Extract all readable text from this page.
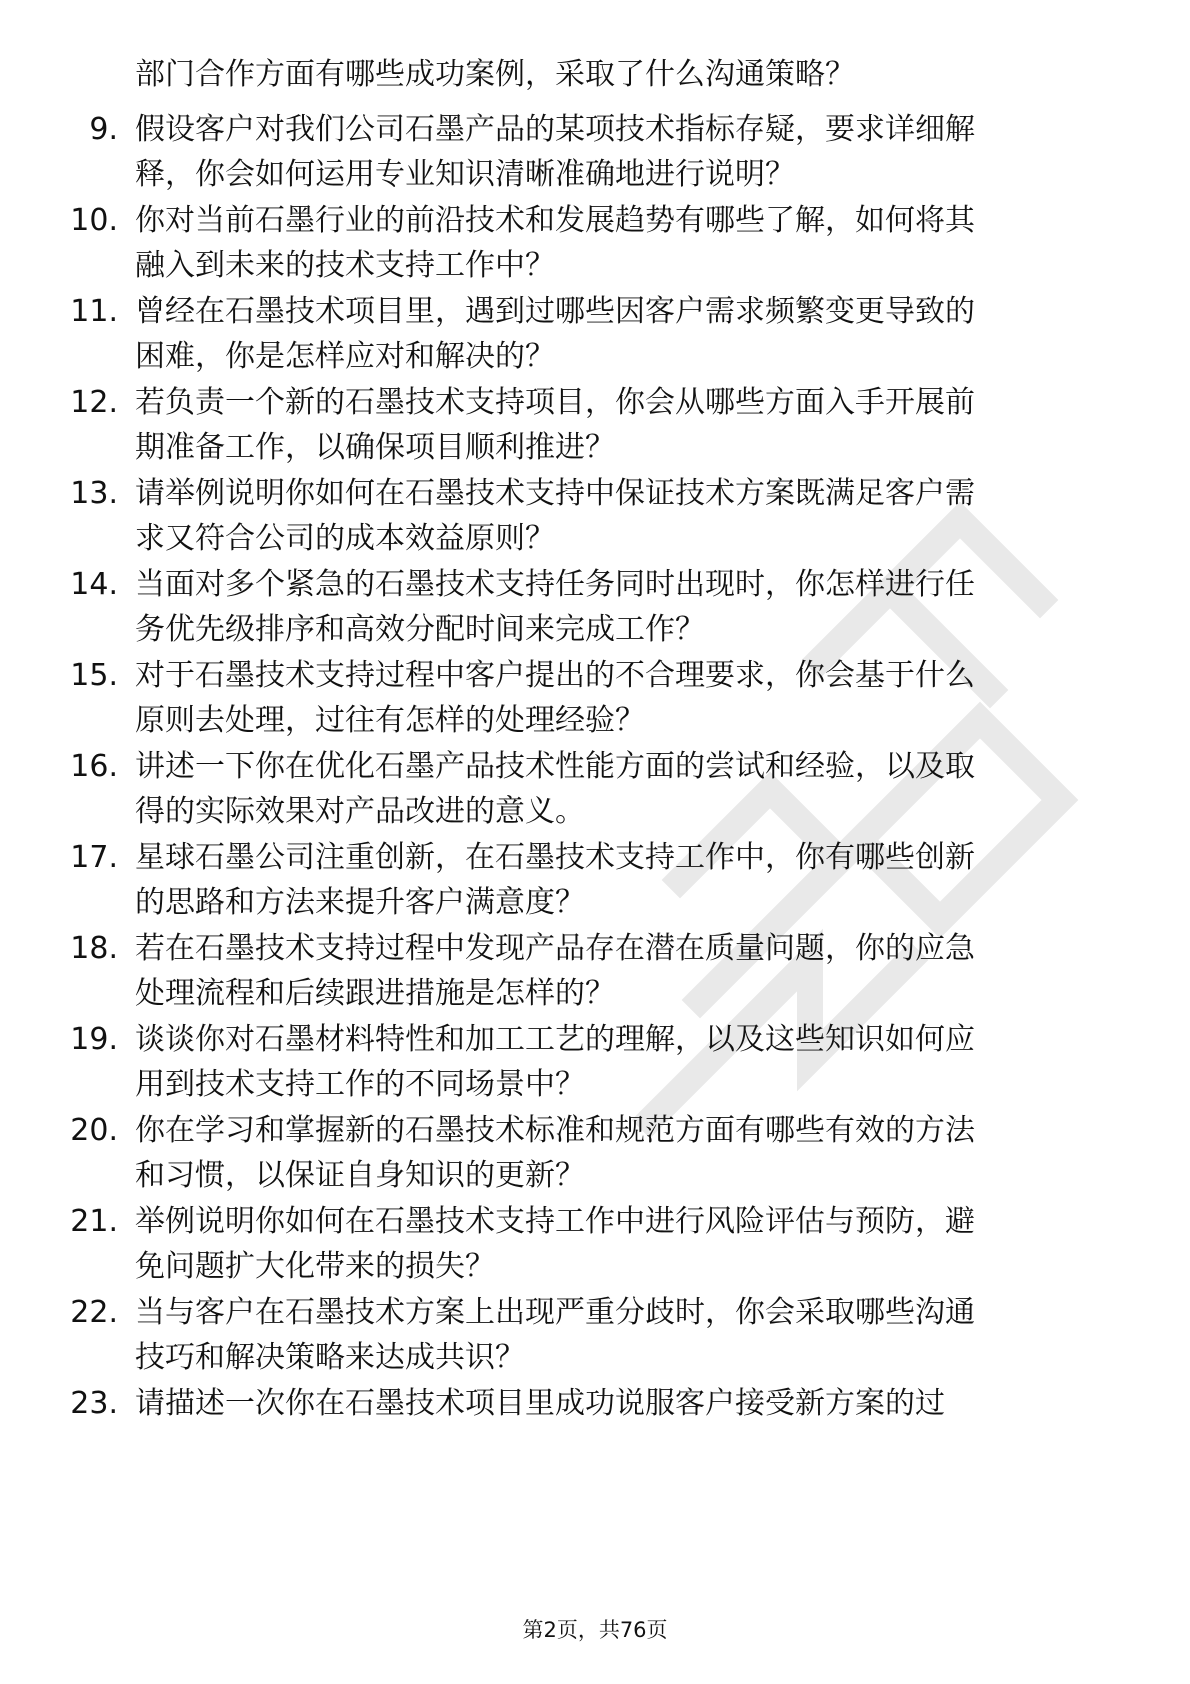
部门合作方面有哪些成功案例，采取了什么沟通策略？
9. 假设客户对我们公司石墨产品的某项技术指标存疑，要求详细解
释，你会如何运用专业知识清晰准确地进行说明？
10. 你对当前石墨行业的前沿技术和发展趋势有哪些了解，如何将其
融入到未来的技术支持工作中？
11. 曾经在石墨技术项目里，遇到过哪些因客户需求频繁变更导致的
困难，你是怎样应对和解决的？
12. 若负责一个新的石墨技术支持项目，你会从哪些方面入手开展前
期准备工作，以确保项目顺利推进？
13. 请举例说明你如何在石墨技术支持中保证技术方案既满足客户需
求又符合公司的成本效益原则？
14. 当面对多个紧急的石墨技术支持任务同时出现时，你怎样进行任
务优先级排序和高效分配时间来完成工作？
15. 对于石墨技术支持过程中客户提出的不合理要求，你会基于什么
原则去处理，过往有怎样的处理经验？
16. 讲述一下你在优化石墨产品技术性能方面的尝试和经验，以及取
得的实际效果对产品改进的意义。
17. 星球石墨公司注重创新，在石墨技术支持工作中，你有哪些创新
的思路和方法来提升客户满意度？
18. 若在石墨技术支持过程中发现产品存在潜在质量问题，你的应急
处理流程和后续跟进措施是怎样的？
19. 谈谈你对石墨材料特性和加工工艺的理解，以及这些知识如何应
用到技术支持工作的不同场景中？
20. 你在学习和掌握新的石墨技术标准和规范方面有哪些有效的方法
和习惯，以保证自身知识的更新？
21. 举例说明你如何在石墨技术支持工作中进行风险评估与预防，避
免问题扩大化带来的损失？
22. 当与客户在石墨技术方案上出现严重分歧时，你会采取哪些沟通
技巧和解决策略来达成共识？
23. 请描述一次你在石墨技术项目里成功说服客户接受新方案的过
第2页，共76页
